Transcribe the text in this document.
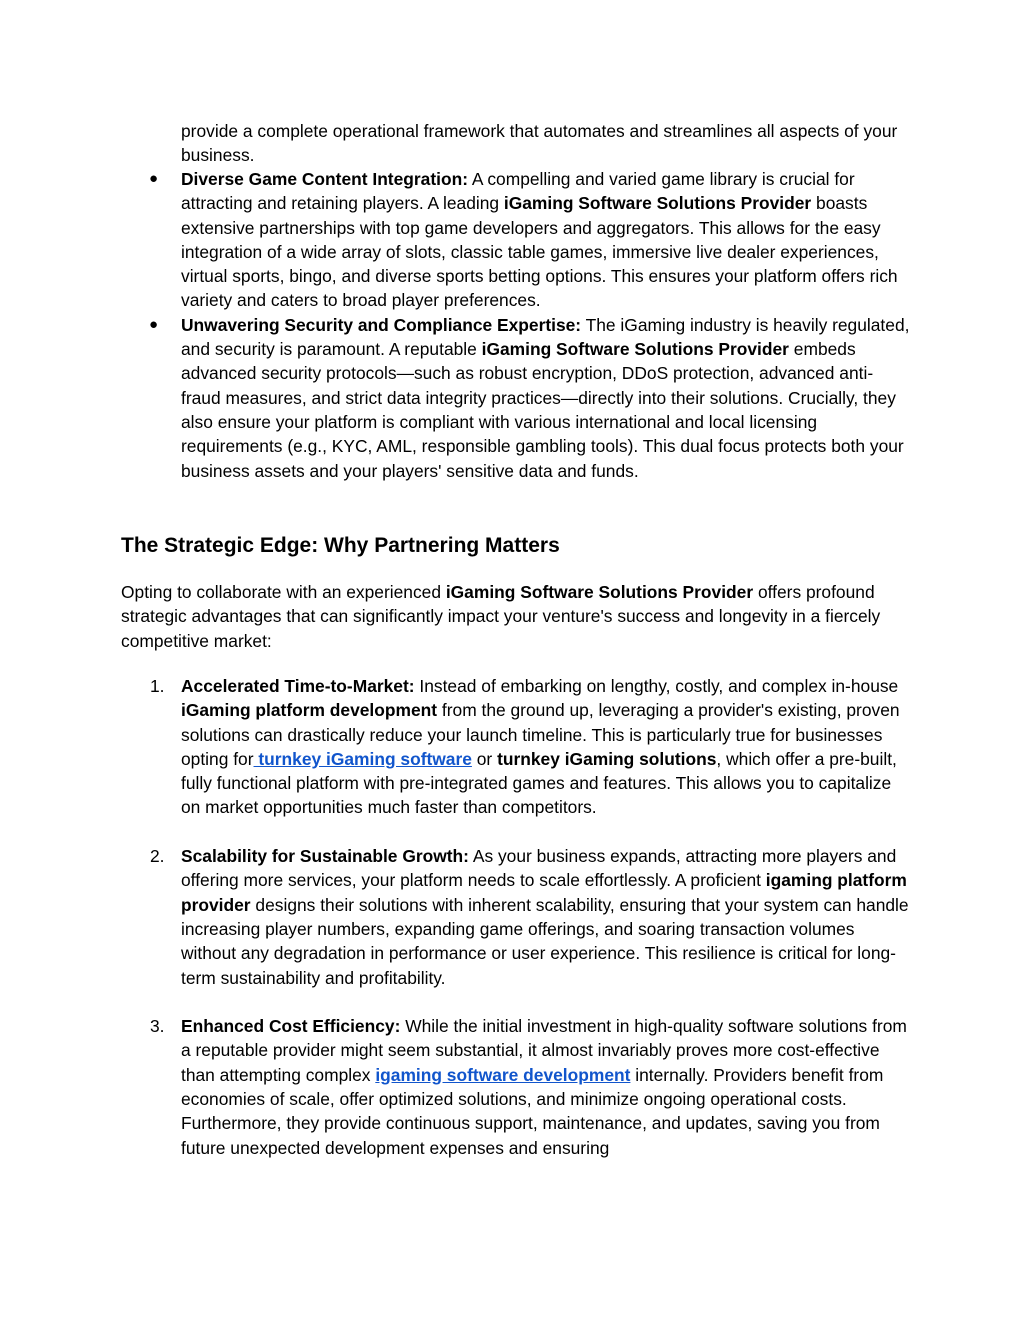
provide a complete operational framework that automates and streamlines all aspects of your business.

●	Diverse Game Content Integration: A compelling and varied game library is crucial for attracting and retaining players. A leading iGaming Software Solutions Provider boasts extensive partnerships with top game developers and aggregators. This allows for the easy integration of a wide array of slots, classic table games, immersive live dealer experiences, virtual sports, bingo, and diverse sports betting options. This ensures your platform offers rich variety and caters to broad player preferences.
●	Unwavering Security and Compliance Expertise: The iGaming industry is heavily regulated, and security is paramount. A reputable iGaming Software Solutions Provider embeds advanced security protocols—such as robust encryption, DDoS protection, advanced anti-fraud measures, and strict data integrity practices—directly into their solutions. Crucially, they also ensure your platform is compliant with various international and local licensing requirements (e.g., KYC, AML, responsible gambling tools). This dual focus protects both your business assets and your players' sensitive data and funds.
The Strategic Edge: Why Partnering Matters

Opting to collaborate with an experienced iGaming Software Solutions Provider offers profound strategic advantages that can significantly impact your venture's success and longevity in a fiercely competitive market:

1. Accelerated Time-to-Market: Instead of embarking on lengthy, costly, and complex in-house iGaming platform development from the ground up, leveraging a provider's existing, proven solutions can drastically reduce your launch timeline. This is particularly true for businesses opting for turnkey iGaming software or turnkey iGaming solutions, which offer a pre-built, fully functional platform with pre-integrated games and features. This allows you to capitalize on market opportunities much faster than competitors.
2. Scalability for Sustainable Growth: As your business expands, attracting more players and offering more services, your platform needs to scale effortlessly. A proficient igaming platform provider designs their solutions with inherent scalability, ensuring that your system can handle increasing player numbers, expanding game offerings, and soaring transaction volumes without any degradation in performance or user experience. This resilience is critical for long-term sustainability and profitability.
3. Enhanced Cost Efficiency: While the initial investment in high-quality software solutions from a reputable provider might seem substantial, it almost invariably proves more cost-effective than attempting complex igaming software development internally. Providers benefit from economies of scale, offer optimized solutions, and minimize ongoing operational costs. Furthermore, they provide continuous support, maintenance, and updates, saving you from future unexpected development expenses and ensuring
